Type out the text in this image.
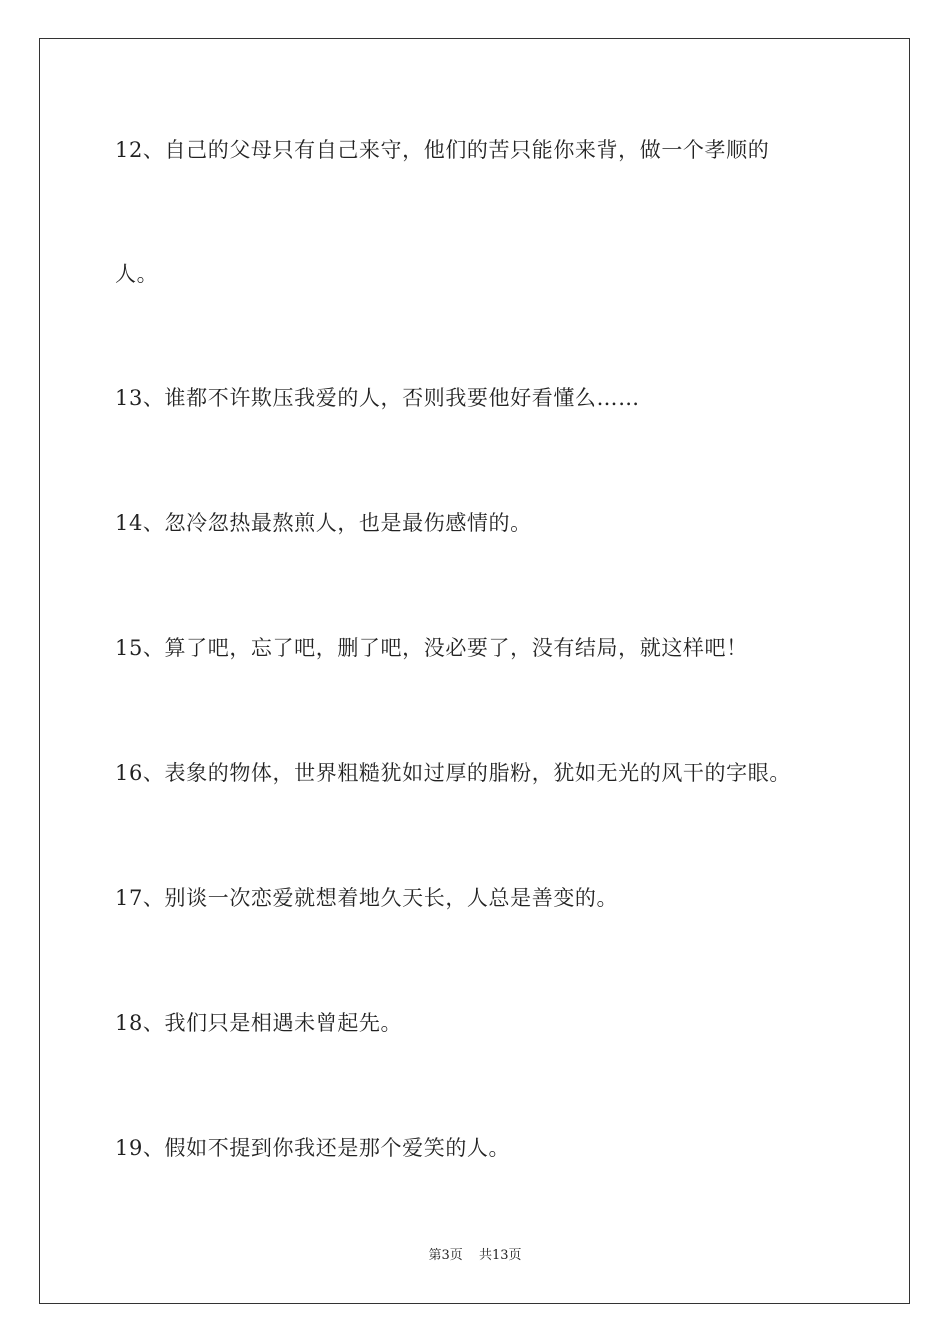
12、自己的父母只有自己来守，他们的苦只能你来背，做一个孝顺的
人。
13、谁都不许欺压我爱的人，否则我要他好看懂么……
14、忽冷忽热最熬煎人，也是最伤感情的。
15、算了吧，忘了吧，删了吧，没必要了，没有结局，就这样吧！
16、表象的物体，世界粗糙犹如过厚的脂粉，犹如无光的风干的字眼。
17、别谈一次恋爱就想着地久天长，人总是善变的。
18、我们只是相遇未曾起先。
19、假如不提到你我还是那个爱笑的人。
第3页 共13页
